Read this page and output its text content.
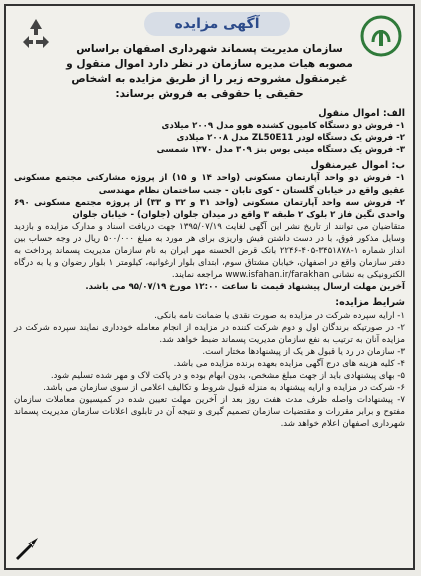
آگهی مزایده

سازمان مدیریت پسماند شهرداری اصفهان براساس مصوبه هیات مدیره سازمان در نظر دارد اموال منقول و غیرمنقول مشروحه زیر را از طریق مزایده به اشخاص حقیقی یا حقوقی به فروش برساند:

الف: اموال منقول

۱- فروش دو دستگاه کامیون کشنده هوو مدل ۲۰۰۹ میلادی

۲- فروش یک دستگاه لودر ZL50E11 مدل ۲۰۰۸ میلادی

۳- فروش یک دستگاه مینی بوس بنز ۳۰۹ مدل ۱۳۷۰ شمسی

ب: اموال غیرمنقول

۱- فروش دو واحد آپارتمان مسکونی (واحد ۱۴ و ۱۵) از پروژه مشارکتی مجتمع مسکونی عقیق واقع در خیابان گلستان - کوی تابان - جنب ساختمان نظام مهندسی

۲- فروش سه واحد آپارتمان مسکونی (واحد ۳۱ و ۳۲ و ۳۳) از پروژه مجتمع مسکونی ۶۹۰ واحدی نگین فاز ۲ بلوک ۲ طبقه ۳ واقع در میدان جلوان (جلوان) - خیابان جلوان

متقاضیان می توانند از تاریخ نشر این آگهی لغایت ۱۳۹۵/۰۷/۱۹ جهت دریافت اسناد و مدارک مزایده و بازدید وسایل مذکور فوق، با در دست داشتن فیش واریزی برای هر مورد به مبلغ ۵۰۰/۰۰۰ ریال در وجه حساب بین انداز شماره ۱-۳۴۵۱۸۷۸-۴۰۵-۲۲۴۶ بانک قرض الحسنه مهر ایران به نام سازمان مدیریت پسماند پرداخت به دفتر سازمان واقع در اصفهان، خیابان مشتاق سوم، ابتدای بلوار ارغوانیه، کیلومتر ۱ بلوار رضوان و یا به درگاه الکترونیکی به نشانی www.isfahan.ir/farakhan مراجعه نمایند.

آخرین مهلت ارسال پیشنهاد قیمت تا ساعت ۱۲:۰۰ مورخ ۹۵/۰۷/۱۹ می باشد.

شرایط مزایده:

۱- ارایه سپرده شرکت در مزایده به صورت نقدی یا ضمانت نامه بانکی.

۲- در صورتیکه برندگان اول و دوم شرکت کننده در مزایده از انجام معامله خودداری نمایند سپرده شرکت در مزایده آنان به ترتیب به نفع سازمان مدیریت پسماند ضبط خواهد شد.

۳- سازمان در رد یا قبول هر یک از پیشنهادها مختار است.

۴- کلیه هزینه های درج آگهی مزایده بعهده برنده مزایده می باشد.

۵- بهای پیشنهادی باید از جهت مبلغ مشخص، بدون ابهام بوده و در پاکت لاک و مهر شده تسلیم شود.

۶- شرکت در مزایده و ارایه پیشنهاد به منزله قبول شروط و تکالیف اعلامی از سوی سازمان می باشد.

۷- پیشنهادات واصله ظرف مدت هفت روز بعد از آخرین مهلت تعیین شده در کمیسیون معاملات سازمان مفتوح و برابر مقررات و مقتضیات سازمان تصمیم گیری و نتیجه آن در تابلوی اعلانات سازمان مدیریت پسماند شهرداری اصفهان اعلام خواهد شد.
